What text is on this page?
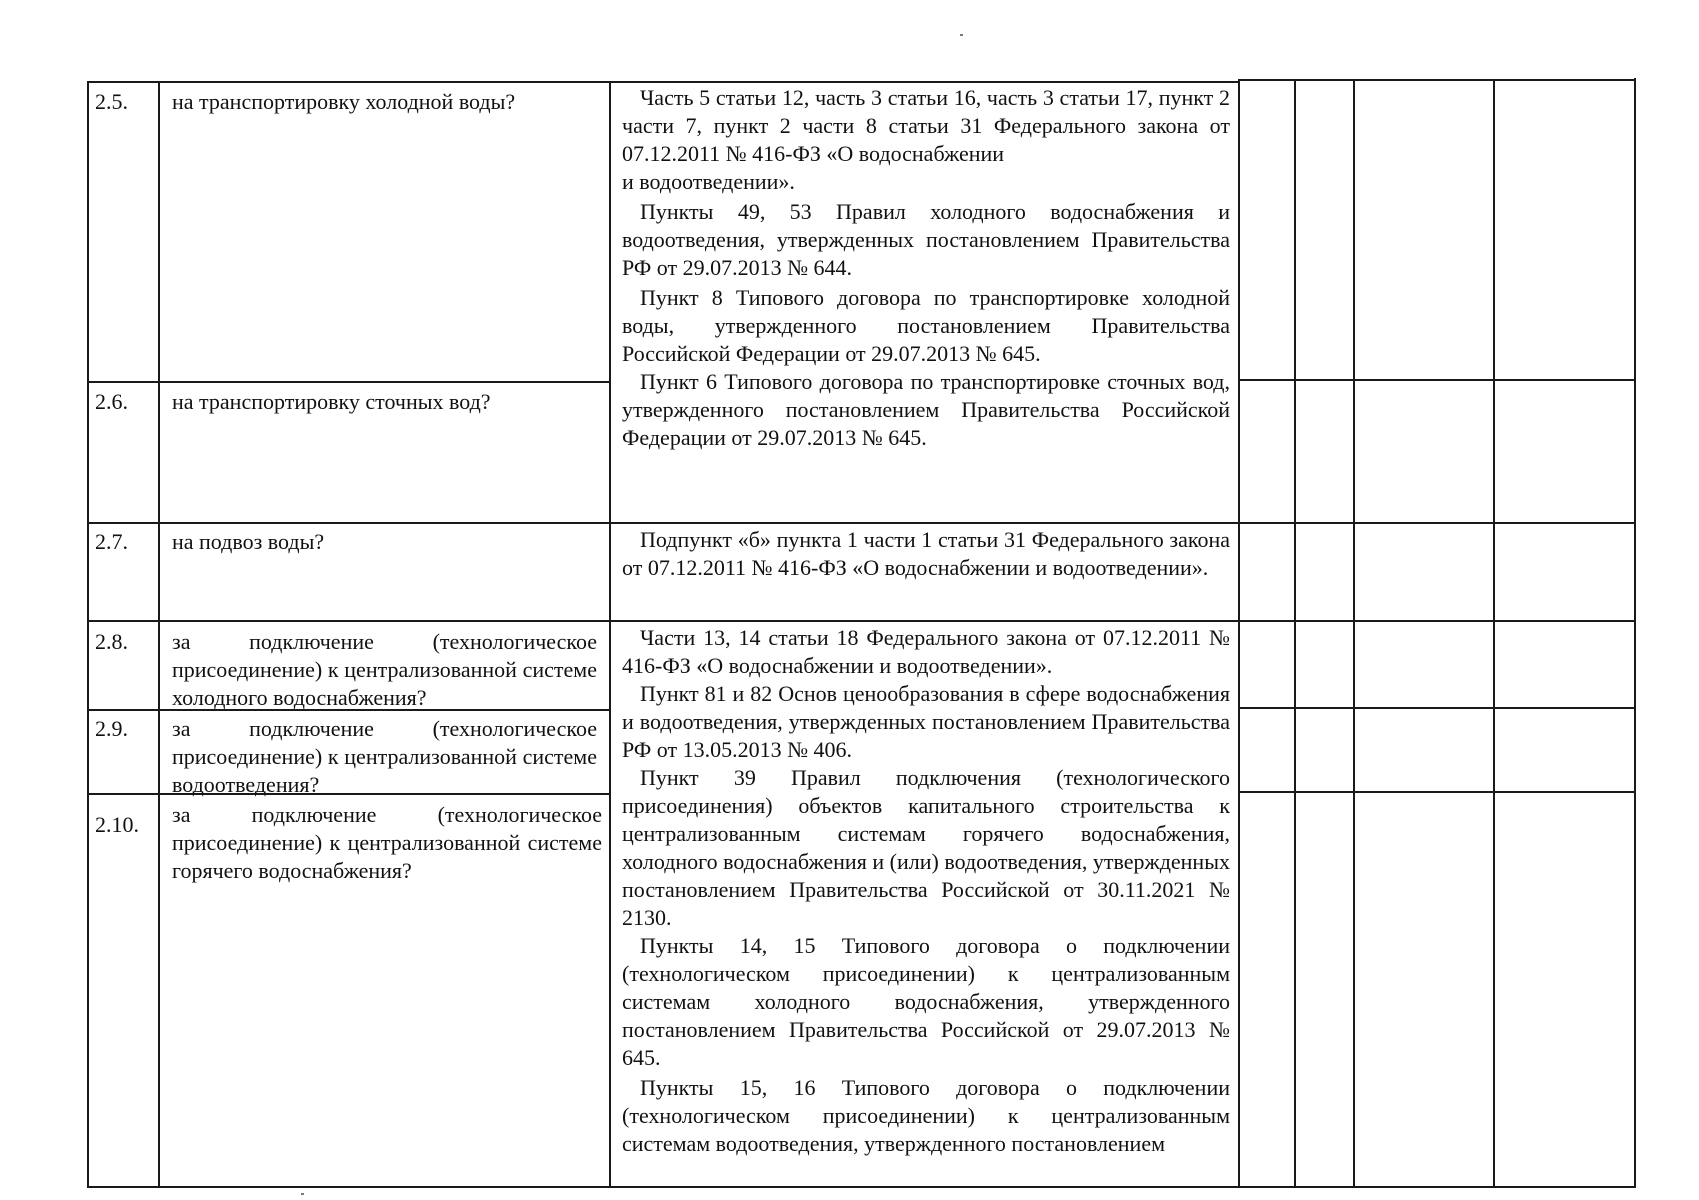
2.5.
2.6.
2.7.
2.8.
2.9.
2.10.
на транспортировку холодной воды?
на транспортировку сточных вод?
на подвоз воды?
за подключение (технологическое присоединение) к централизованной системе холодного водоснабжения?
за подключение (технологическое присоединение) к централизованной системе водоотведения?
за подключение (технологическое присоединение) к централизованной системе горячего водоснабжения?

Часть 5 статьи 12, часть 3 статьи 16, часть 3 статьи 17, пункт 2 части 7, пункт 2 части 8 статьи 31 Федерального закона от 07.12.2011 № 416-ФЗ «О водоснабжении

и водоотведении».

Пункты 49, 53 Правил холодного водоснабжения и водоотведения, утвержденных постановлением Правительства РФ от 29.07.2013 № 644.

Пункт 8 Типового договора по транспортировке холодной воды, утвержденного постановлением Правительства Российской Федерации от 29.07.2013 № 645.

Пункт 6 Типового договора по транспортировке сточных вод, утвержденного постановлением Правительства Российской Федерации от 29.07.2013 № 645.

Подпункт «б» пункта 1 части 1 статьи 31 Федерального закона от 07.12.2011 № 416-ФЗ «О водоснабжении и водоотведении».

Части 13, 14 статьи 18 Федерального закона от 07.12.2011 № 416-ФЗ «О водоснабжении и водоотведении».

Пункт 81 и 82 Основ ценообразования в сфере водоснабжения и водоотведения, утвержденных постановлением Правительства РФ от 13.05.2013 № 406.

Пункт 39 Правил подключения (технологического присоединения) объектов капитального строительства к централизованным системам горячего водоснабжения, холодного водоснабжения и (или) водоотведения, утвержденных постановлением Правительства Российской от 30.11.2021 № 2130.

Пункты 14, 15 Типового договора о подключении (технологическом присоединении) к централизованным системам холодного водоснабжения, утвержденного постановлением Правительства Российской от 29.07.2013 № 645.

Пункты 15, 16 Типового договора о подключении (технологическом присоединении) к централизованным системам водоотведения, утвержденного постановлением
